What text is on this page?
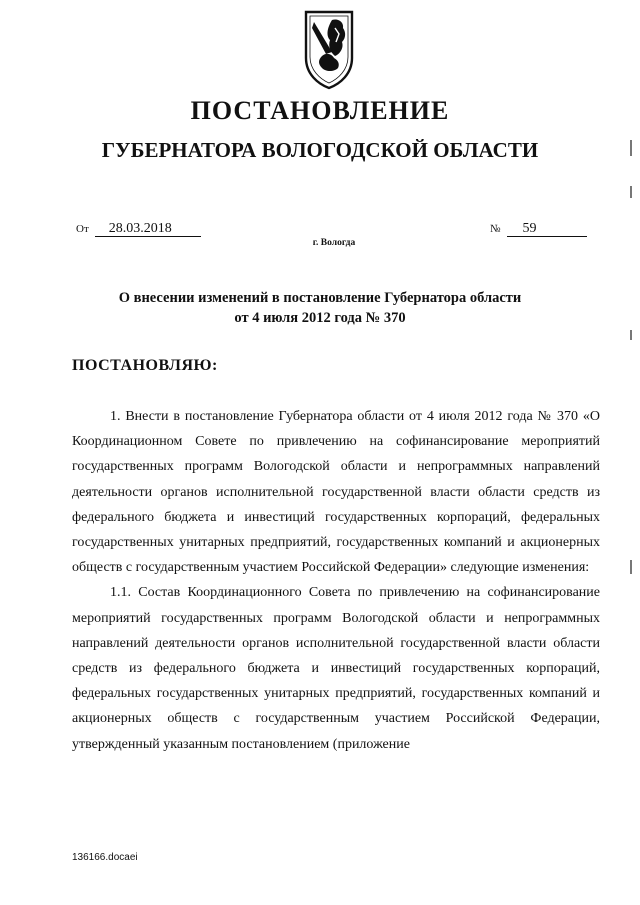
ПОСТАНОВЛЕНИЕ
ГУБЕРНАТОРА ВОЛОГОДСКОЙ ОБЛАСТИ
От 28.03.2018	№ 59
г. Вологда
О внесении изменений в постановление Губернатора области
от 4 июля 2012 года № 370
ПОСТАНОВЛЯЮ:

1. Внести в постановление Губернатора области от 4 июля 2012 года № 370 «О Координационном Совете по привлечению на софинансирование мероприятий государственных программ Вологодской области и непрограммных направлений деятельности органов исполнительной государственной власти области средств из федерального бюджета и инвестиций государственных корпораций, федеральных государственных унитарных предприятий, государственных компаний и акционерных обществ с государственным участием Российской Федерации» следующие изменения:

1.1. Состав Координационного Совета по привлечению на софинансирование мероприятий государственных программ Вологодской области и непрограммных направлений деятельности органов исполнительной государственной власти области средств из федерального бюджета и инвестиций государственных корпораций, федеральных государственных унитарных предприятий, государственных компаний и акционерных обществ с государственным участием Российской Федерации, утвержденный указанным постановлением (приложение

136166.docaei
